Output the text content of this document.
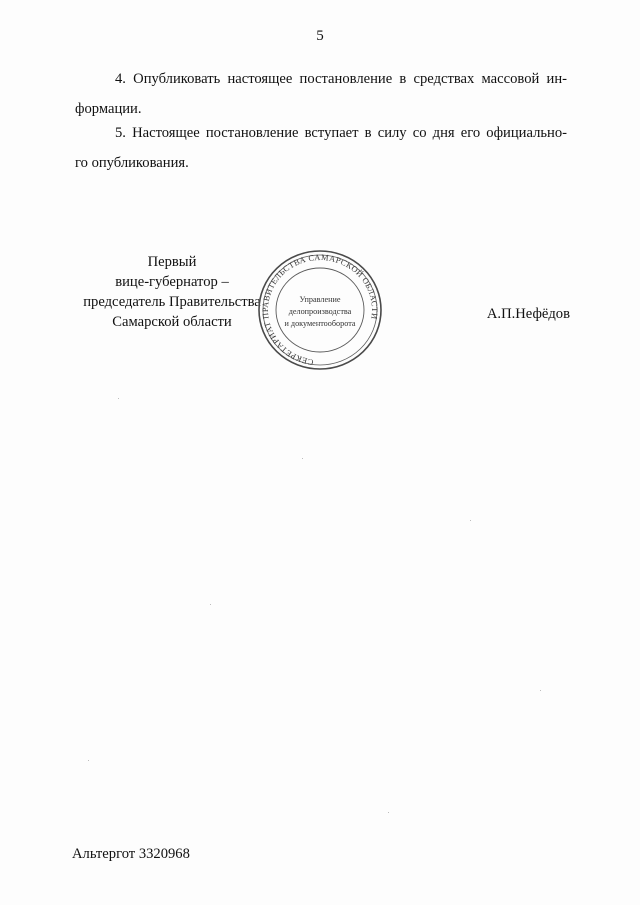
5

4. Опубликовать настоящее постановление в средствах массовой ин-
формации.

5. Настоящее постановление вступает в силу со дня его официально-
го опубликования.

Первый
вице-губернатор –
председатель Правительства
Самарской области
СЕКРЕТАРИАТ ПРАВИТЕЛЬСТВА САМАРСКОЙ ОБЛАСТИ
Управление
делопроизводства
и документооборота
А.П.Нефёдов
Альтергот 3320968
